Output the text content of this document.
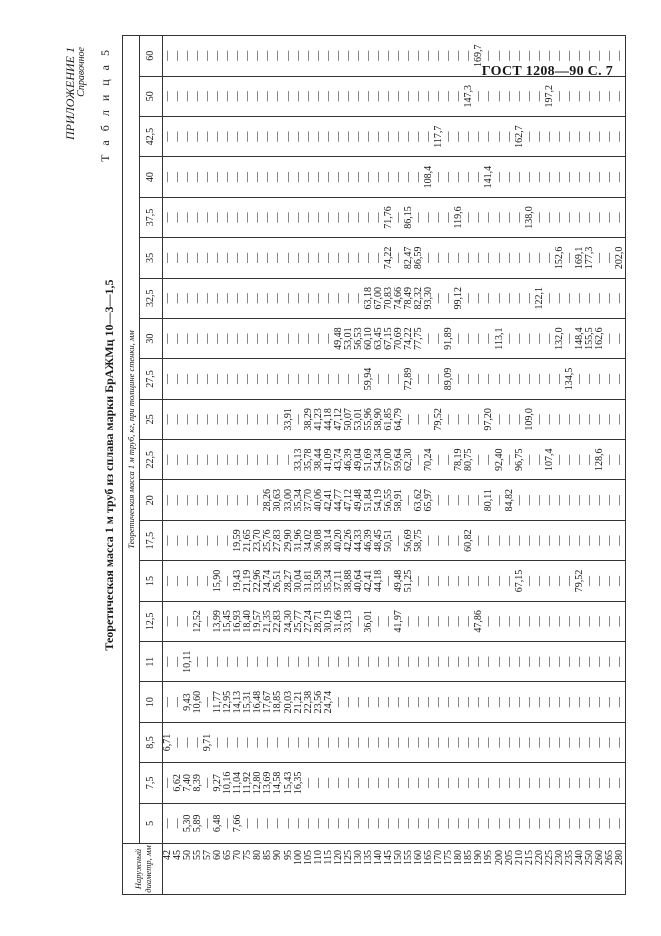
ГОСТ 1208—90 С. 7
ПРИЛОЖЕНИЕ 1 Справочное Т а б л и ц а 5
Теоретическая масса 1 м труб из сплава марки БрАЖМц 10—3—1,5
Наружный диаметр, мм	Теоретическая масса 1 м труб, кг, при толщине стенки, мм																			
	5	7,5	8,5	10	11	12,5	15	17,5	20	22,5	25	27,5	30	32,5	35	37,5	40	42,5	50	60
42	—	—	6,71	—	—	—	—	—	—	—	—	—	—	—	—	—	—	—	—	—
45	—	6,62	—	—	—	—	—	—	—	—	—	—	—	—	—	—	—	—	—	—
50	5,30	7,40	—	9,43	10,11	—	—	—	—	—	—	—	—	—	—	—	—	—	—	—
55	5,89	8,39	—	10,60	—	12,52	—	—	—	—	—	—	—	—	—	—	—	—	—	—
57	—	—	9,71	—	—	—	—	—	—	—	—	—	—	—	—	—	—	—	—	—
60	6,48	9,27	—	11,77	—	13,99	15,90	—	—	—	—	—	—	—	—	—	—	—	—	—
65	—	10,16	—	12,95	—	15,45	—	—	—	—	—	—	—	—	—	—	—	—	—	—
70	7,66	11,04	—	14,13	—	16,93	19,43	19,59	—	—	—	—	—	—	—	—	—	—	—	—
75	—	11,92	—	15,31	—	18,40	21,19	21,65	—	—	—	—	—	—	—	—	—	—	—	—
80	—	12,80	—	16,48	—	19,57	22,96	23,70	—	—	—	—	—	—	—	—	—	—	—	—
85	—	13,69	—	17,67	—	21,35	24,74	25,76	28,26	—	—	—	—	—	—	—	—	—	—	—
90	—	14,58	—	18,85	—	22,83	26,51	27,83	30,63	—	—	—	—	—	—	—	—	—	—	—
95	—	15,43	—	20,03	—	24,30	28,27	29,90	33,00	—	33,91	—	—	—	—	—	—	—	—	—
100	—	16,35	—	21,21	—	25,77	30,04	31,96	35,34	33,13	—	—	—	—	—	—	—	—	—	—
105	—	—	—	22,38	—	27,24	31,81	34,02	37,70	35,78	38,29	—	—	—	—	—	—	—	—	—
110	—	—	—	23,56	—	28,71	33,58	36,08	40,06	38,44	41,23	—	—	—	—	—	—	—	—	—
115	—	—	—	24,74	—	30,19	35,34	38,14	42,41	41,09	44,18	—	—	—	—	—	—	—	—	—
120	—	—	—	—	—	31,66	37,11	40,20	44,77	43,74	47,12	—	49,48	—	—	—	—	—	—	—
125	—	—	—	—	—	33,13	38,88	42,26	47,12	46,39	50,07	—	53,01	—	—	—	—	—	—	—
130	—	—	—	—	—	—	40,64	44,33	49,48	49,04	53,01	—	56,53	—	—	—	—	—	—	—
135	—	—	—	—	—	36,01	42,41	46,39	51,84	51,69	55,96	59,94	60,10	63,18	—	—	—	—	—	—
140	—	—	—	—	—	—	44,18	48,45	54,19	54,34	58,90	—	63,45	67,00	—	—	—	—	—	—
145	—	—	—	—	—	—	—	50,51	56,55	57,00	61,85	—	67,15	70,83	74,22	71,76	—	—	—	—
150	—	—	—	—	—	41,97	49,48	—	58,91	59,64	64,79	—	70,69	74,66	—	—	—	—	—	—
155	—	—	—	—	—	—	51,25	56,69	—	62,30	—	72,89	74,22	78,49	82,47	86,15	—	—	—	—
160	—	—	—	—	—	—	—	58,75	63,62	—	—	—	77,75	82,32	86,59	—	—	—	—	—
165	—	—	—	—	—	—	—	—	65,97	70,24	—	—	—	93,30	—	—	108,4	—	—	—
170	—	—	—	—	—	—	—	—	—	—	79,52	—	—	—	—	—	—	117,7	—	—
175	—	—	—	—	—	—	—	—	—	—	—	89,09	91,89	—	—	—	—	—	—	—
180	—	—	—	—	—	—	—	—	—	78,19	—	—	—	99,12	—	119,6	—	—	—	—
185	—	—	—	—	—	—	—	60,82	—	80,75	—	—	—	—	—	—	—	—	147,3	—
190	—	—	—	—	—	47,86	—	—	—	—	—	—	—	—	—	—	—	—	—	169,7
195	—	—	—	—	—	—	—	—	80,11	—	97,20	—	—	—	—	—	141,4	—	—	—
200	—	—	—	—	—	—	—	—	—	92,40	—	—	113,1	—	—	—	—	—	—	—
205	—	—	—	—	—	—	—	—	84,82	—	—	—	—	—	—	—	—	—	—	—
210	—	—	—	—	—	—	67,15	—	—	96,75	—	—	—	—	—	—	—	162,7	—	—
215	—	—	—	—	—	—	—	—	—	—	109,0	—	—	—	—	138,0	—	—	—	—
220	—	—	—	—	—	—	—	—	—	—	—	—	—	122,1	—	—	—	—	—	—
225	—	—	—	—	—	—	—	—	—	107,4	—	—	—	—	—	—	—	—	197,2	—
230	—	—	—	—	—	—	—	—	—	—	—	—	132,0	—	152,6	—	—	—	—	—
235	—	—	—	—	—	—	—	—	—	—	—	134,5	—	—	—	—	—	—	—	—
240	—	—	—	—	—	—	79,52	—	—	—	—	—	148,4	—	169,1	—	—	—	—	—
250	—	—	—	—	—	—	—	—	—	—	—	—	155,5	—	177,3	—	—	—	—	—
260	—	—	—	—	—	—	—	—	—	128,6	—	—	162,6	—	—	—	—	—	—	—
265	—	—	—	—	—	—	—	—	—	—	—	—	—	—	—	—	—	—	—	—
280	—	—	—	—	—	—	—	—	—	—	—	—	—	—	202,0	—	—	—	—	—
